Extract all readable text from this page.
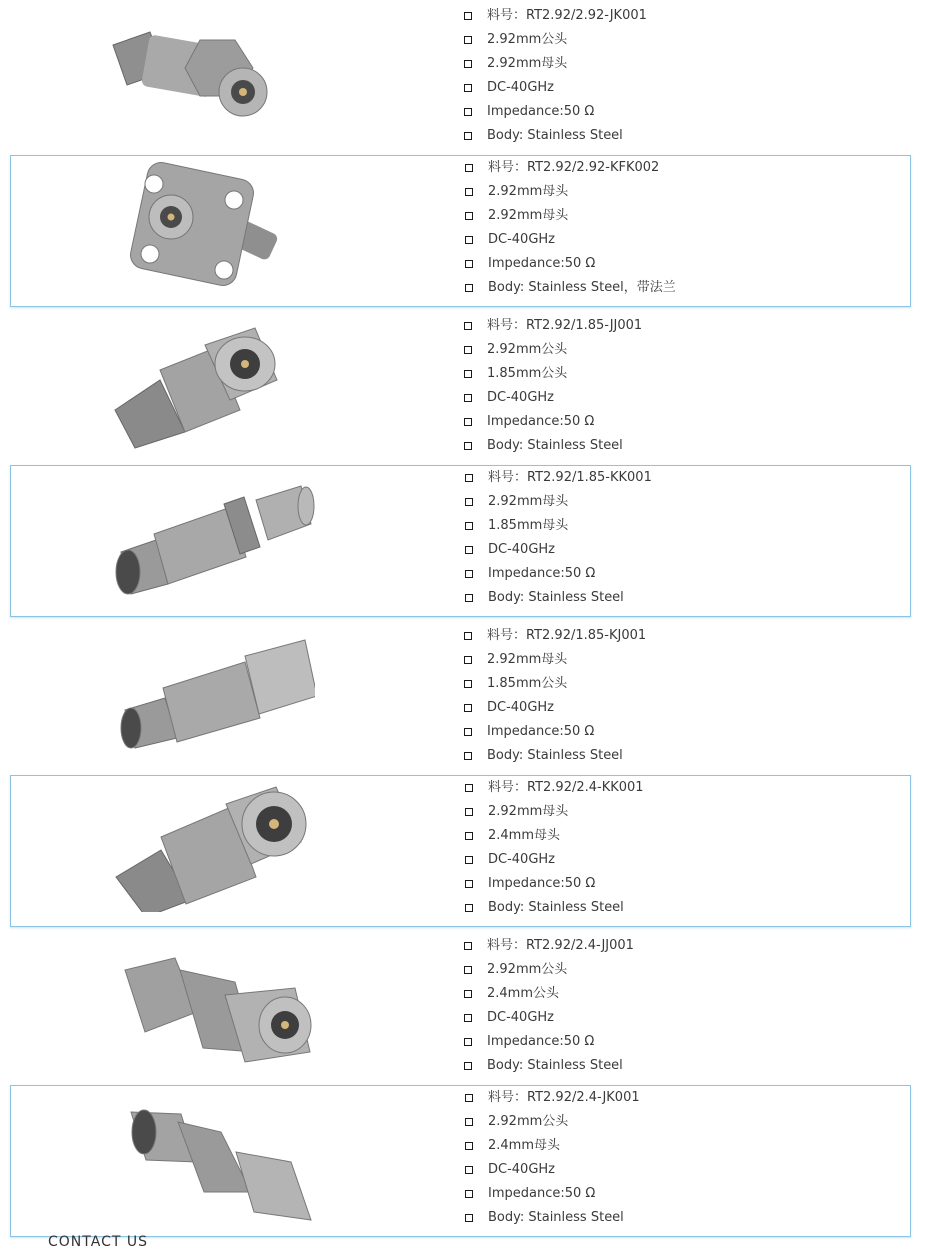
料号：RT2.92/2.92-JK001
2.92mm公头
2.92mm母头
DC-40GHz
Impedance:50 Ω
Body: Stainless Steel
料号：RT2.92/2.92-KFK002
2.92mm母头
2.92mm母头
DC-40GHz
Impedance:50 Ω
Body: Stainless Steel，带法兰
料号：RT2.92/1.85-JJ001
2.92mm公头
1.85mm公头
DC-40GHz
Impedance:50 Ω
Body: Stainless Steel
料号：RT2.92/1.85-KK001
2.92mm母头
1.85mm母头
DC-40GHz
Impedance:50 Ω
Body: Stainless Steel
料号：RT2.92/1.85-KJ001
2.92mm母头
1.85mm公头
DC-40GHz
Impedance:50 Ω
Body: Stainless Steel
料号：RT2.92/2.4-KK001
2.92mm母头
2.4mm母头
DC-40GHz
Impedance:50 Ω
Body: Stainless Steel
料号：RT2.92/2.4-JJ001
2.92mm公头
2.4mm公头
DC-40GHz
Impedance:50 Ω
Body: Stainless Steel
料号：RT2.92/2.4-JK001
2.92mm公头
2.4mm母头
DC-40GHz
Impedance:50 Ω
Body: Stainless Steel
CONTACT US
